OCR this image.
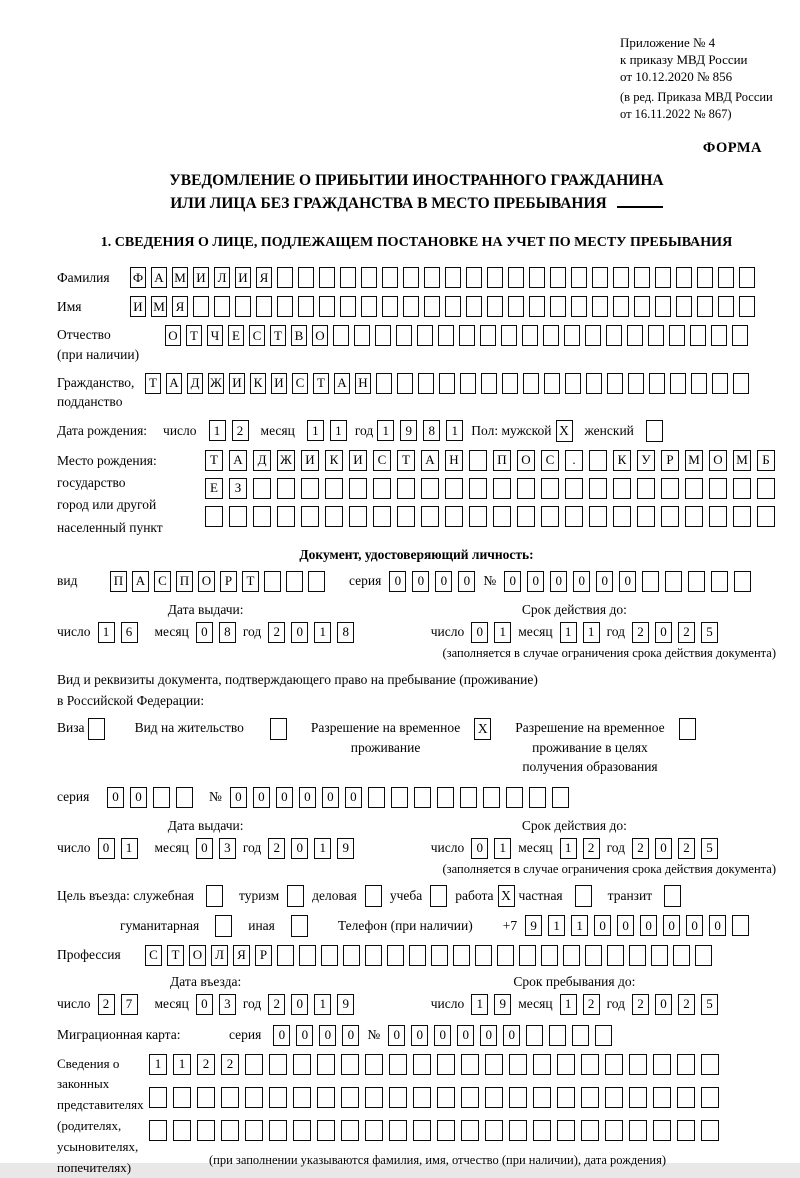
Приложение № 4
к приказу МВД России
от 10.12.2020 № 856
(в ред. Приказа МВД России
от 16.11.2022 № 867)
ФОРМА
УВЕДОМЛЕНИЕ О ПРИБЫТИИ ИНОСТРАННОГО ГРАЖДАНИНА
ИЛИ ЛИЦА БЕЗ ГРАЖДАНСТВА В МЕСТО ПРЕБЫВАНИЯ
1. СВЕДЕНИЯ О ЛИЦЕ, ПОДЛЕЖАЩЕМ ПОСТАНОВКЕ НА УЧЕТ ПО МЕСТУ ПРЕБЫВАНИЯ
Фамилия	Ф А М И Л И Я
Имя	И М Я
Отчество
(при наличии)
О Т Ч Е С Т В О
Гражданство,
подданство
Т А Д Ж И К И С Т А Н
Дата рождения: число	1	2	месяц	1	1 год 1	9	8	1 Пол: мужской X женский
Место рождения:
государство
город или другой
населенный пункт
Т	А	Д	Ж	И	К	И	С	Т	А	Н	П	О	С	.	К	У	Р	М	О	М	Б
Е	З
Документ, удостоверяющий личность:
вид	П А С П О	Р	Т	серия	0	0	0	0 №	0	0	0	0	0	0
Дата выдачи:
число 1	6	месяц 0	8 год 2	0	1	8
Срок действия до:
число 0	1 месяц 1	1 год 2	0	2	5
(заполняется в случае ограничения срока действия документа)
Вид и реквизиты документа, подтверждающего право на пребывание (проживание)
в Российской Федерации:
Виза	Вид на жительство	Разрешение на временное
проживание
X Разрешение на временное
проживание в целях
получения образования
серия	0	0	№	0	0	0	0	0	0
Дата выдачи:
число 0	1	месяц 0	3 год 2	0	1	9
Срок действия до:
число 0	1 месяц 1	2 год 2	0	2	5
(заполняется в случае ограничения срока действия документа)
Цель въезда: служебная	туризм деловая учеба работа X частная	транзит
гуманитарная	иная	Телефон (при наличии) +7	9	1	1	0	0	0	0	0	0
Профессия	С	Т	О Л	Я	Р
Дата въезда:
число 2	7	месяц 0	3 год 2	0	1	9
Срок пребывания до:
число 1	9 месяц 1	2 год 2	0	2	5
Миграционная карта:	серия	0	0	0	0 №	0	0	0	0	0	0
Сведения о
законных
представителях
(родителях,
усыновителях,
попечителях)
1	1	2	2
(при заполнении указываются фамилия, имя, отчество (при наличии), дата рождения)
